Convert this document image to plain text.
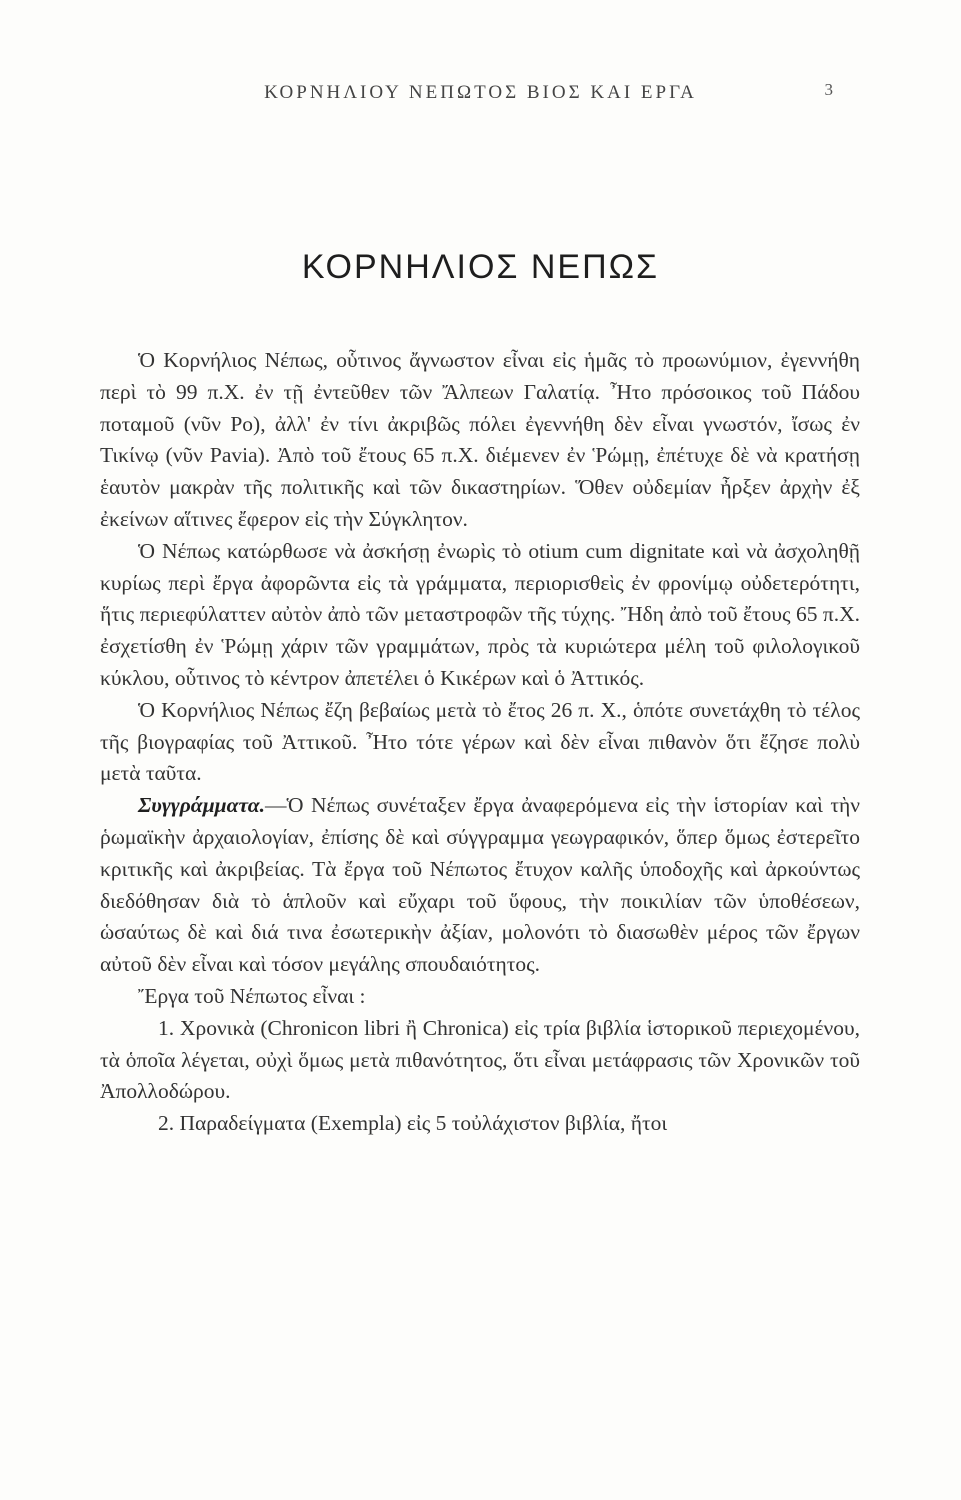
ΚΟΡΝΗΛΙΟΥ ΝΕΠΩΤΟΣ ΒΙΟΣ ΚΑΙ ΕΡΓΑ	3
ΚΟΡΝΗΛΙΟΣ ΝΕΠΩΣ

Ὁ Κορνήλιος Νέπως, οὗτινος ἄγνωστον εἶναι εἰς ἡμᾶς τὸ προωνύμιον, ἐγεννήθη περὶ τὸ 99 π.Χ. ἐν τῇ ἐντεῦθεν τῶν Ἄλπεων Γαλατίᾳ. Ἦτο πρόσοικος τοῦ Πάδου ποταμοῦ (νῦν Ρο), ἀλλ' ἐν τίνι ἀκριβῶς πόλει ἐγεννήθη δὲν εἶναι γνωστόν, ἴσως ἐν Τικίνῳ (νῦν Pavia). Ἀπὸ τοῦ ἔτους 65 π.Χ. διέμενεν ἐν Ῥώμῃ, ἐπέτυχε δὲ νὰ κρατήσῃ ἑαυτὸν μακρὰν τῆς πολιτικῆς καὶ τῶν δικαστηρίων. Ὅθεν οὐδεμίαν ἦρξεν ἀρχὴν ἐξ ἐκείνων αἵτινες ἔφερον εἰς τὴν Σύγκλητον.

Ὁ Νέπως κατώρθωσε νὰ ἀσκήσῃ ἐνωρὶς τὸ otium cum dignitate καὶ νὰ ἀσχοληθῇ κυρίως περὶ ἔργα ἀφορῶντα εἰς τὰ γράμματα, περιορισθεὶς ἐν φρονίμῳ οὐδετερότητι, ἥτις περιεφύλαττεν αὐτὸν ἀπὸ τῶν μεταστροφῶν τῆς τύχης. Ἤδη ἀπὸ τοῦ ἔτους 65 π.Χ. ἐσχετίσθη ἐν Ῥώμῃ χάριν τῶν γραμμάτων, πρὸς τὰ κυριώτερα μέλη τοῦ φιλολογικοῦ κύκλου, οὗτινος τὸ κέντρον ἀπετέλει ὁ Κικέρων καὶ ὁ Ἀττικός.

Ὁ Κορνήλιος Νέπως ἔζη βεβαίως μετὰ τὸ ἔτος 26 π. Χ., ὁπότε συνετάχθη τὸ τέλος τῆς βιογραφίας τοῦ Ἀττικοῦ. Ἦτο τότε γέρων καὶ δὲν εἶναι πιθανὸν ὅτι ἔζησε πολὺ μετὰ ταῦτα.

Συγγράμματα.—Ὁ Νέπως συνέταξεν ἔργα ἀναφερόμενα εἰς τὴν ἱστορίαν καὶ τὴν ῥωμαϊκὴν ἀρχαιολογίαν, ἐπίσης δὲ καὶ σύγγραμμα γεωγραφικόν, ὅπερ ὅμως ἐστερεῖτο κριτικῆς καὶ ἀκριβείας. Τὰ ἔργα τοῦ Νέπωτος ἔτυχον καλῆς ὑποδοχῆς καὶ ἀρκούντως διεδόθησαν διὰ τὸ ἁπλοῦν καὶ εὔχαρι τοῦ ὕφους, τὴν ποικιλίαν τῶν ὑποθέσεων, ὡσαύτως δὲ καὶ διά τινα ἐσωτερικὴν ἀξίαν, μολονότι τὸ διασωθὲν μέρος τῶν ἔργων αὐτοῦ δὲν εἶναι καὶ τόσον μεγάλης σπουδαιότητος.

Ἔργα τοῦ Νέπωτος εἶναι :

1. Χρονικὰ (Chronicon libri ἢ Chronica) εἰς τρία βιβλία ἱστορικοῦ περιεχομένου, τὰ ὁποῖα λέγεται, οὐχὶ ὅμως μετὰ πιθανότητος, ὅτι εἶναι μετάφρασις τῶν Χρονικῶν τοῦ Ἀπολλοδώρου.
2. Παραδείγματα (Exempla) εἰς 5 τοὐλάχιστον βιβλία, ἤτοι
